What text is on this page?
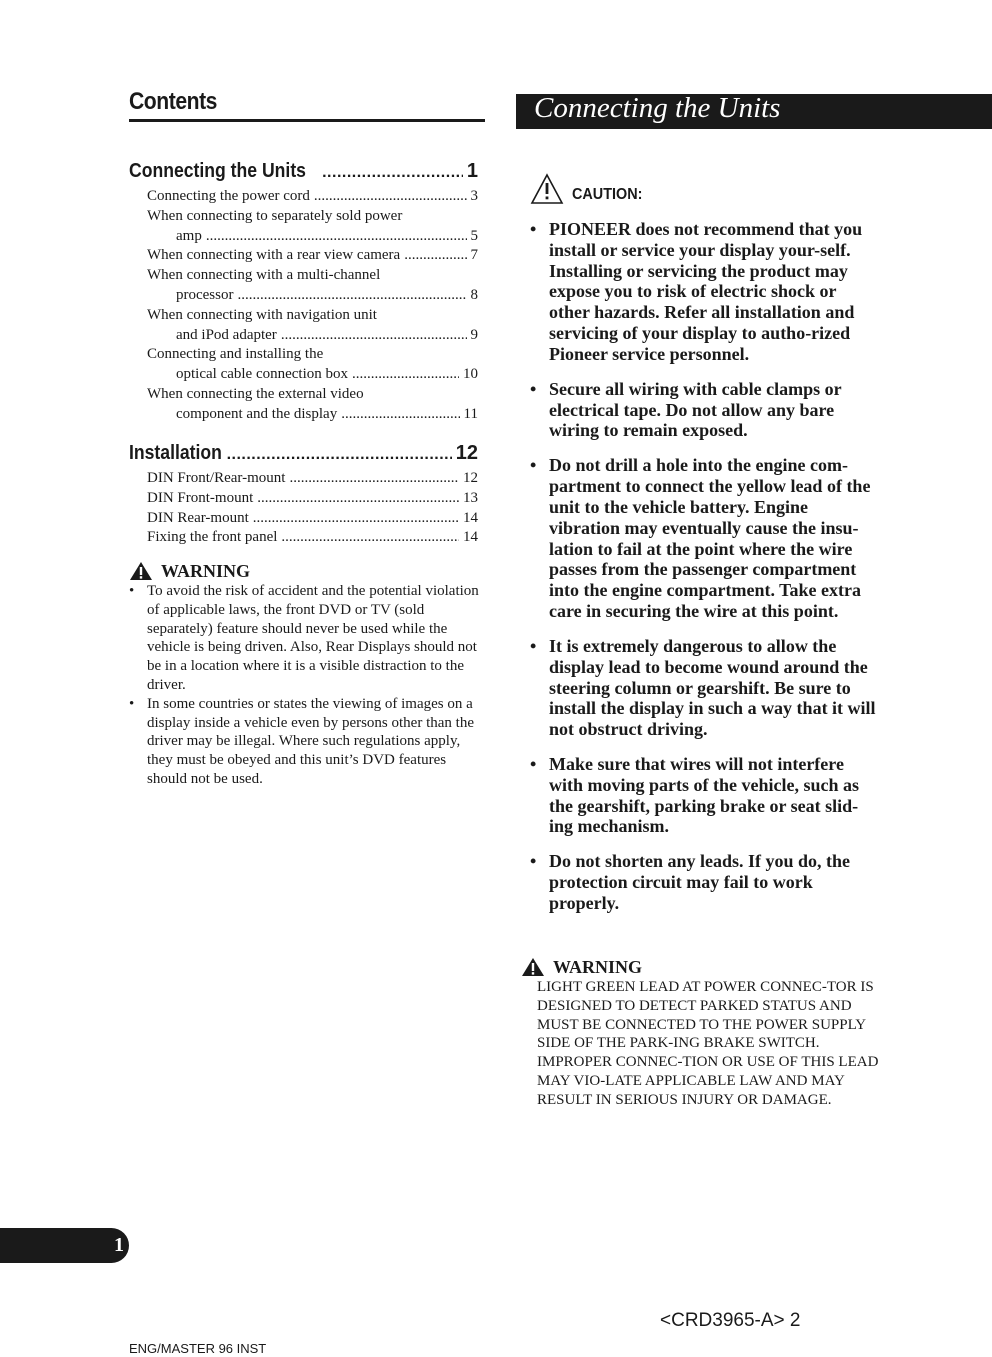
Contents
Connecting the Units .....	1
Connecting the power cord .....	3
When connecting to separately sold power
amp .....	5
When connecting with a rear view camera .....	7
When connecting with a multi-channel
processor .....	8
When connecting with navigation unit
and iPod adapter .....	9
Connecting and installing the
optical cable connection box .....	10
When connecting the external video
component and the display .....	11
Installation .....	12
DIN Front/Rear-mount .....	12
DIN Front-mount .....	13
DIN Rear-mount .....	14
Fixing the front panel .....	14
WARNING
• To avoid the risk of accident and the potential violation of applicable laws, the front DVD or TV (sold separately) feature should never be used while the vehicle is being driven. Also, Rear Displays should not be in a location where it is a visible distraction to the driver.
• In some countries or states the viewing of images on a display inside a vehicle even by persons other than the driver may be illegal. Where such regulations apply, they must be obeyed and this unit’s DVD features should not be used.
Connecting the Units
CAUTION:
• PIONEER does not recommend that you install or service your display your-self. Installing or servicing the product may expose you to risk of electric shock or other hazards. Refer all installation and servicing of your display to autho-rized Pioneer service personnel.
• Secure all wiring with cable clamps or electrical tape. Do not allow any bare wiring to remain exposed.
• Do not drill a hole into the engine com-partment to connect the yellow lead of the unit to the vehicle battery. Engine vibration may eventually cause the insu-lation to fail at the point where the wire passes from the passenger compartment into the engine compartment. Take extra care in securing the wire at this point.
• It is extremely dangerous to allow the display lead to become wound around the steering column or gearshift. Be sure to install the display in such a way that it will not obstruct driving.
• Make sure that wires will not interfere with moving parts of the vehicle, such as the gearshift, parking brake or seat slid-ing mechanism.
• Do not shorten any leads. If you do, the protection circuit may fail to work properly.
WARNING
LIGHT GREEN LEAD AT POWER CONNEC-TOR IS DESIGNED TO DETECT PARKED STATUS AND MUST BE CONNECTED TO THE POWER SUPPLY SIDE OF THE PARK-ING BRAKE SWITCH. IMPROPER CONNEC-TION OR USE OF THIS LEAD MAY VIO-LATE APPLICABLE LAW AND MAY RESULT IN SERIOUS INJURY OR DAMAGE.
1
<CRD3965-A> 2
ENG/MASTER 96 INST
